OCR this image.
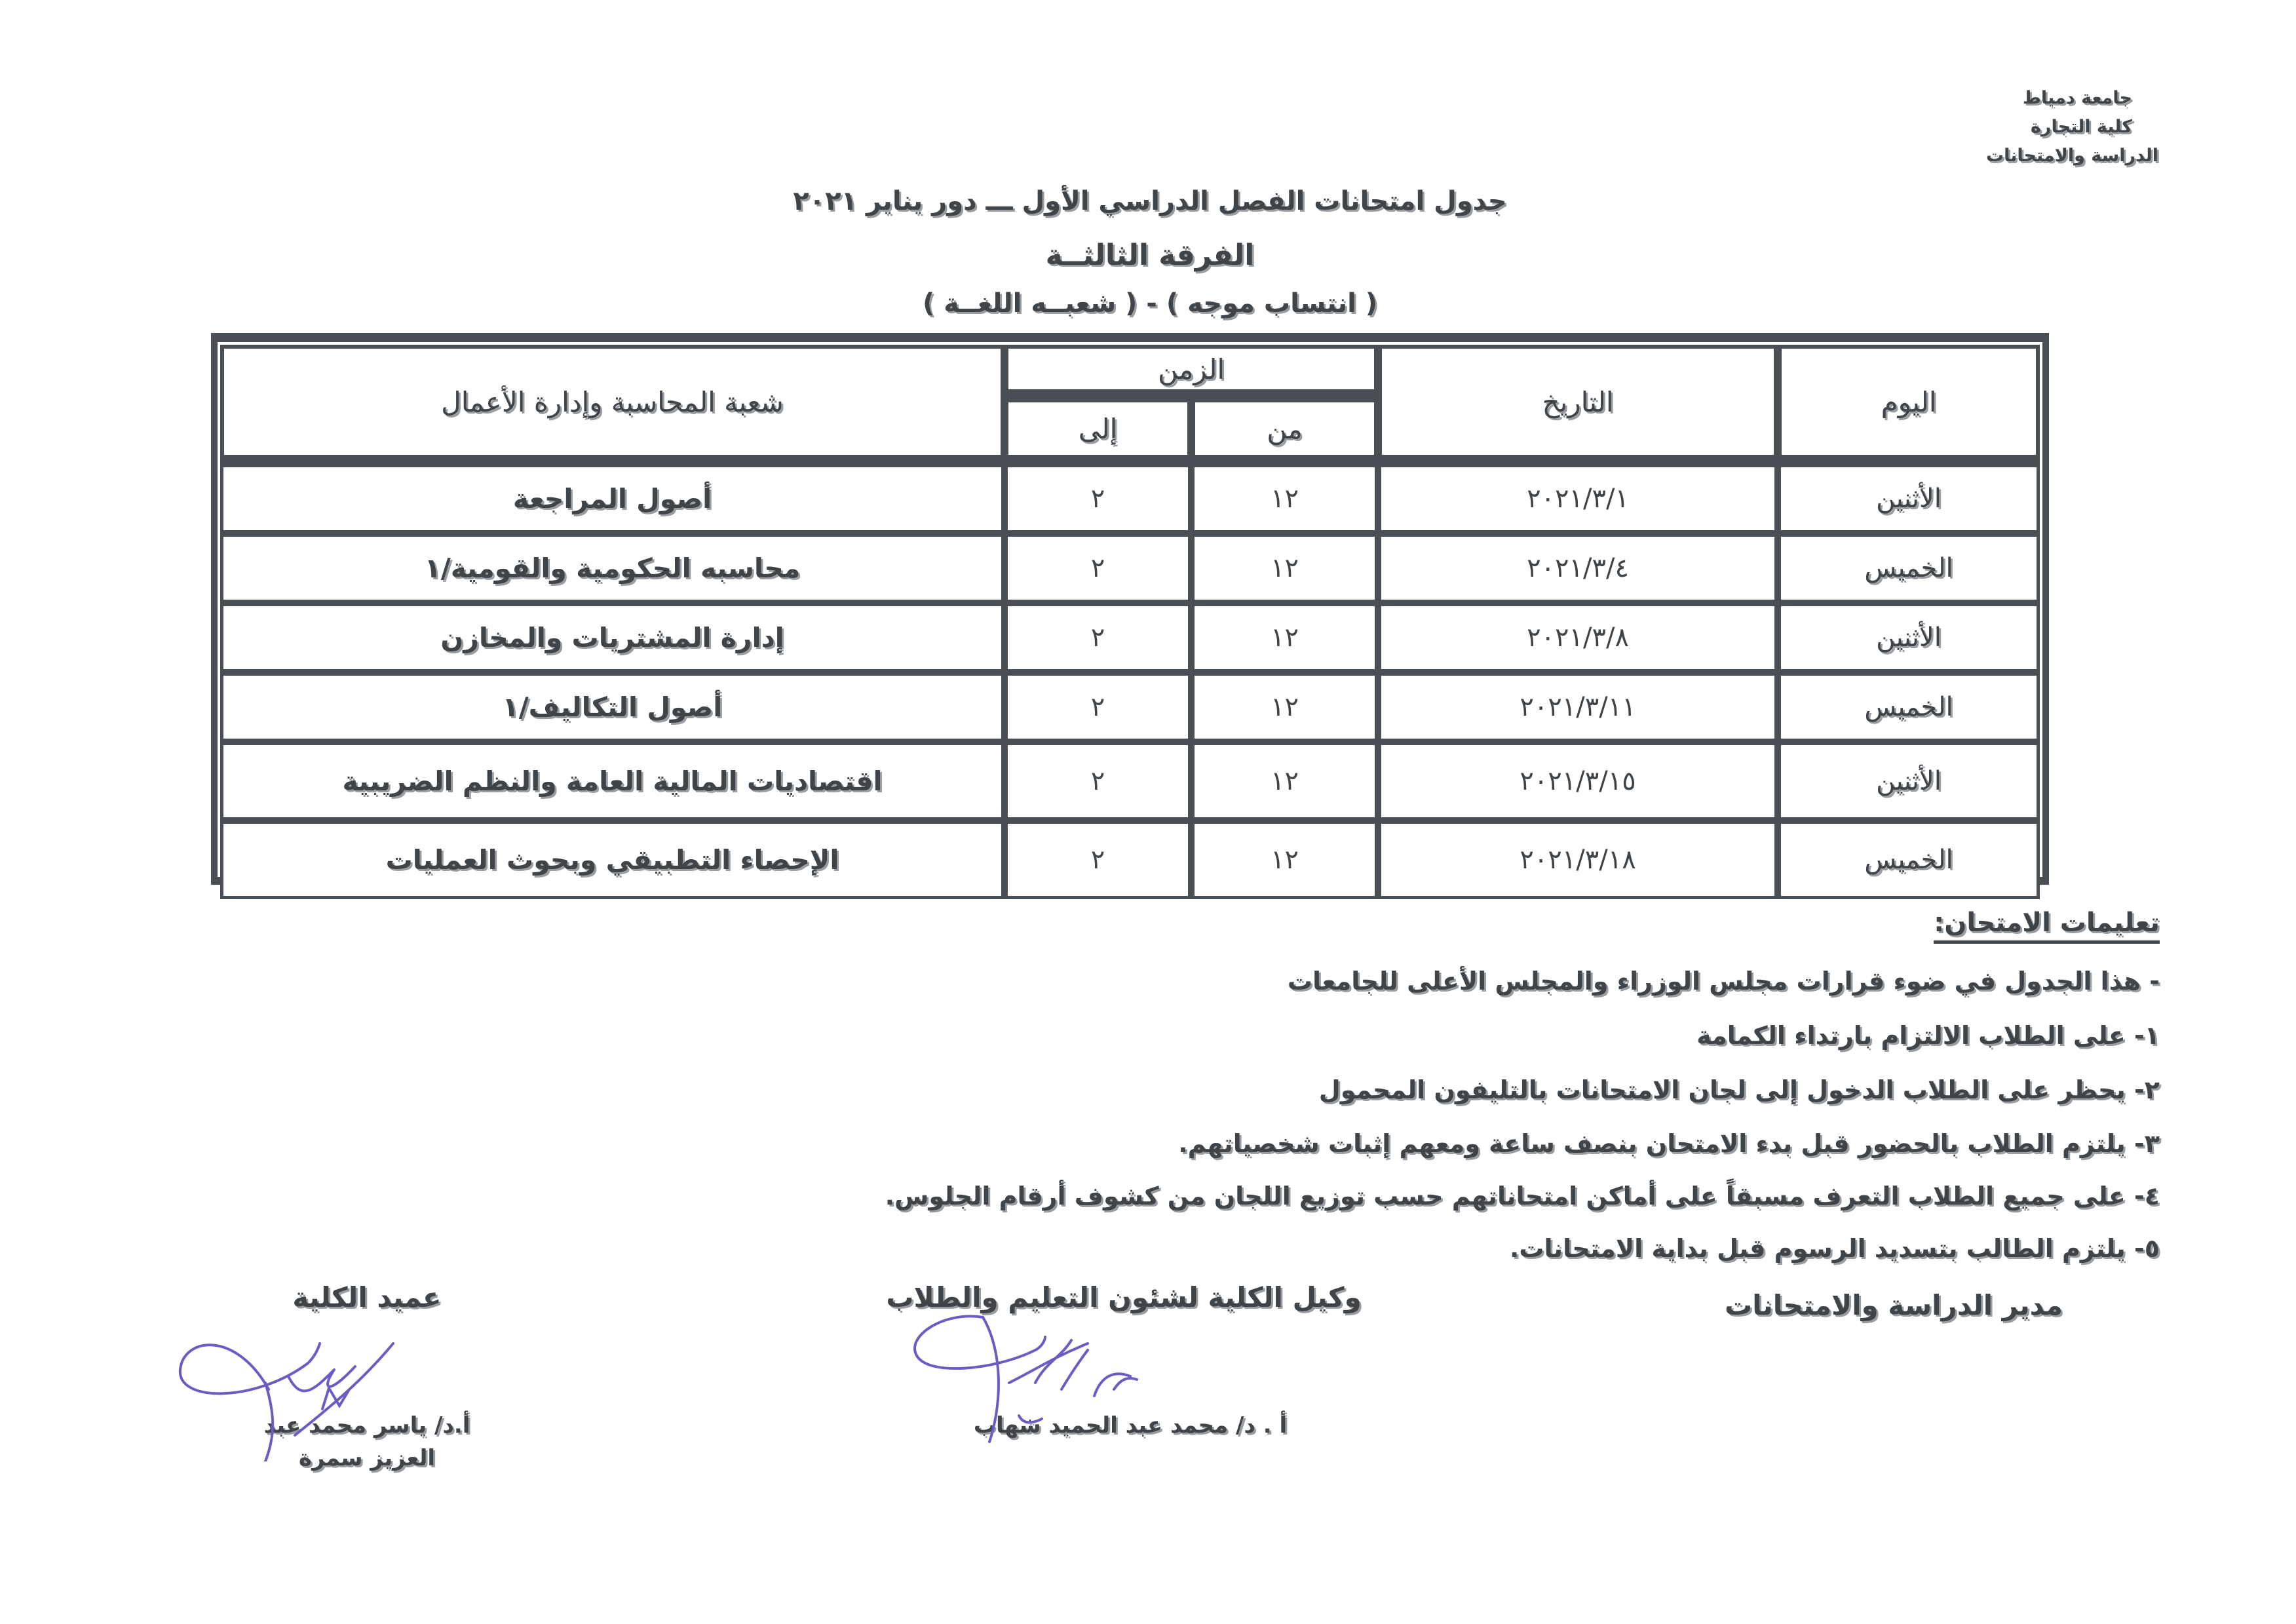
جامعة دمياط
كلية التجارة
الدراسة والامتحانات
جدول امتحانات الفصل الدراسي الأول ـــ دور يناير ٢٠٢١
الفرقة الثالثــة
( انتساب موجه ) - ( شعبــه اللغــة )
اليوم	التاريخ	الزمن		شعبة المحاسبة وإدارة الأعمال
		من	إلى	
الأثنين	٢٠٢١/٣/١	١٢	٢	أصول المراجعة
الخميس	٢٠٢١/٣/٤	١٢	٢	محاسبه الحكومية والقومية/١
الأثنين	٢٠٢١/٣/٨	١٢	٢	إدارة المشتريات والمخازن
الخميس	٢٠٢١/٣/١١	١٢	٢	أصول التكاليف/١
الأثنين	٢٠٢١/٣/١٥	١٢	٢	اقتصاديات المالية العامة والنظم الضريبية
الخميس	٢٠٢١/٣/١٨	١٢	٢	الإحصاء التطبيقي وبحوث العمليات
تعليمات الامتحان:
- هذا الجدول في ضوء قرارات مجلس الوزراء والمجلس الأعلى للجامعات
١- على الطلاب الالتزام بارتداء الكمامة
٢- يحظر على الطلاب الدخول إلى لجان الامتحانات بالتليفون المحمول
٣- يلتزم الطلاب بالحضور قبل بدء الامتحان بنصف ساعة ومعهم إثبات شخصياتهم.
٤- على جميع الطلاب التعرف مسبقاً على أماكن امتحاناتهم حسب توزيع اللجان من كشوف أرقام الجلوس.
٥- يلتزم الطالب بتسديد الرسوم قبل بداية الامتحانات.
مدير الدراسة والامتحانات
وكيل الكلية لشئون التعليم والطلاب
أ . د/ محمد عبد الحميد شهاب
عميد الكلية
أ.د/ ياسر محمد عبد العزيز سمرة
